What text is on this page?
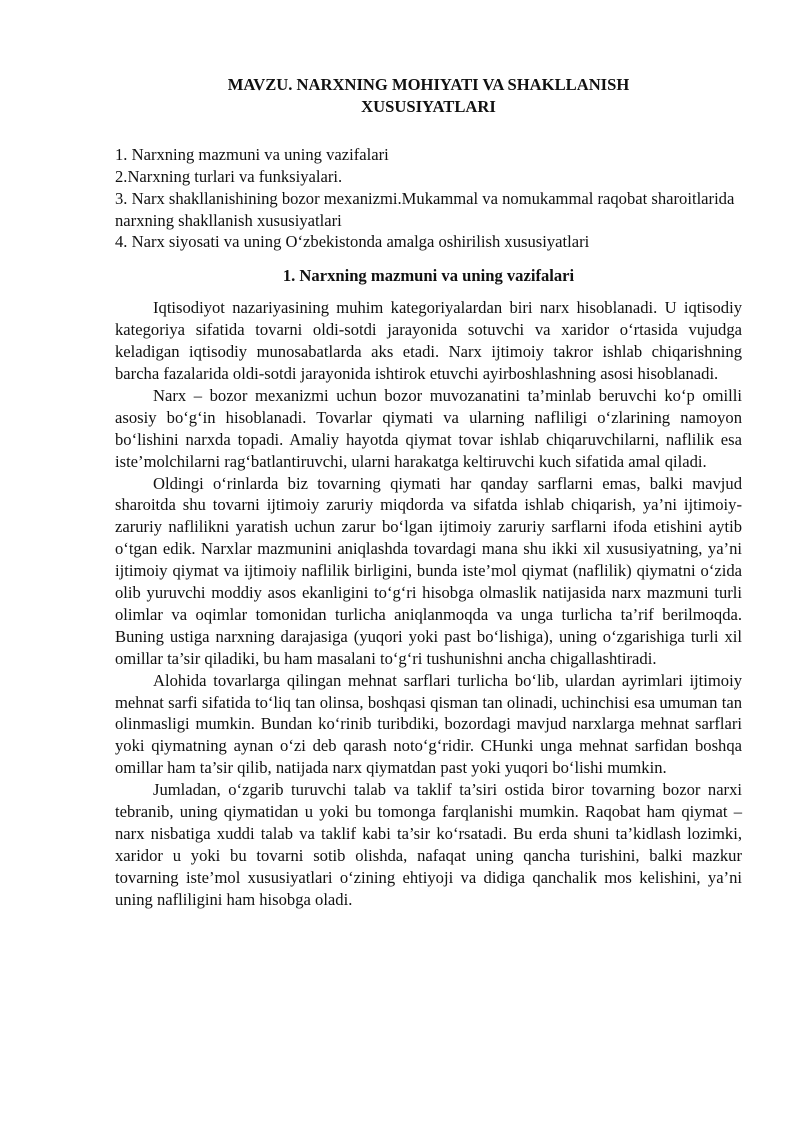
MAVZU. NARXNING MOHIYATI VA SHAKLLANISH
XUSUSIYATLARI
1. Narxning mazmuni va uning vazifalari
2.Narxning turlari va funksiyalari.
3. Narx shakllanishining bozor mexanizmi.Mukammal va nomukammal raqobat sharoitlarida narxning shakllanish xususiyatlari
4. Narx siyosati va uning O‘zbekistonda amalga oshirilish xususiyatlari
1. Narxning mazmuni va uning vazifalari

Iqtisodiyot nazariyasining muhim kategoriyalardan biri narx hisoblanadi. U iqtisodiy kategoriya sifatida tovarni oldi-sotdi jarayonida sotuvchi va xaridor o‘rtasida vujudga keladigan iqtisodiy munosabatlarda aks etadi. Narx ijtimoiy takror ishlab chiqarishning barcha fazalarida oldi-sotdi jarayonida ishtirok etuvchi ayirboshlashning asosi hisoblanadi.

Narx – bozor mexanizmi uchun bozor muvozanatini ta’minlab beruvchi ko‘p omilli asosiy bo‘g‘in hisoblanadi. Tovarlar qiymati va ularning nafliligi o‘zlarining namoyon bo‘lishini narxda topadi. Amaliy hayotda qiymat tovar ishlab chiqaruvchilarni, naflilik esa iste’molchilarni rag‘batlantiruvchi, ularni harakatga keltiruvchi kuch sifatida amal qiladi.

Oldingi o‘rinlarda biz tovarning qiymati har qanday sarflarni emas, balki mavjud sharoitda shu tovarni ijtimoiy zaruriy miqdorda va sifatda ishlab chiqarish, ya’ni ijtimoiy-zaruriy naflilikni yaratish uchun zarur bo‘lgan ijtimoiy zaruriy sarflarni ifoda etishini aytib o‘tgan edik. Narxlar mazmunini aniqlashda tovardagi mana shu ikki xil xususiyatning, ya’ni ijtimoiy qiymat va ijtimoiy naflilik birligini, bunda iste’mol qiymat (naflilik) qiymatni o‘zida olib yuruvchi moddiy asos ekanligini to‘g‘ri hisobga olmaslik natijasida narx mazmuni turli olimlar va oqimlar tomonidan turlicha aniqlanmoqda va unga turlicha ta’rif berilmoqda. Buning ustiga narxning darajasiga (yuqori yoki past bo‘lishiga), uning o‘zgarishiga turli xil omillar ta’sir qiladiki, bu ham masalani to‘g‘ri tushunishni ancha chigallashtiradi.

Alohida tovarlarga qilingan mehnat sarflari turlicha bo‘lib, ulardan ayrimlari ijtimoiy mehnat sarfi sifatida to‘liq tan olinsa, boshqasi qisman tan olinadi, uchinchisi esa umuman tan olinmasligi mumkin. Bundan ko‘rinib turibdiki, bozordagi mavjud narxlarga mehnat sarflari yoki qiymatning aynan o‘zi deb qarash noto‘g‘ridir. CHunki unga mehnat sarfidan boshqa omillar ham ta’sir qilib, natijada narx qiymatdan past yoki yuqori bo‘lishi mumkin.

Jumladan, o‘zgarib turuvchi talab va taklif ta’siri ostida biror tovarning bozor narxi tebranib, uning qiymatidan u yoki bu tomonga farqlanishi mumkin. Raqobat ham qiymat – narx nisbatiga xuddi talab va taklif kabi ta’sir ko‘rsatadi. Bu erda shuni ta’kidlash lozimki, xaridor u yoki bu tovarni sotib olishda, nafaqat uning qancha turishini, balki mazkur tovarning iste’mol xususiyatlari o‘zining ehtiyoji va didiga qanchalik mos kelishini, ya’ni uning nafliligini ham hisobga oladi.
